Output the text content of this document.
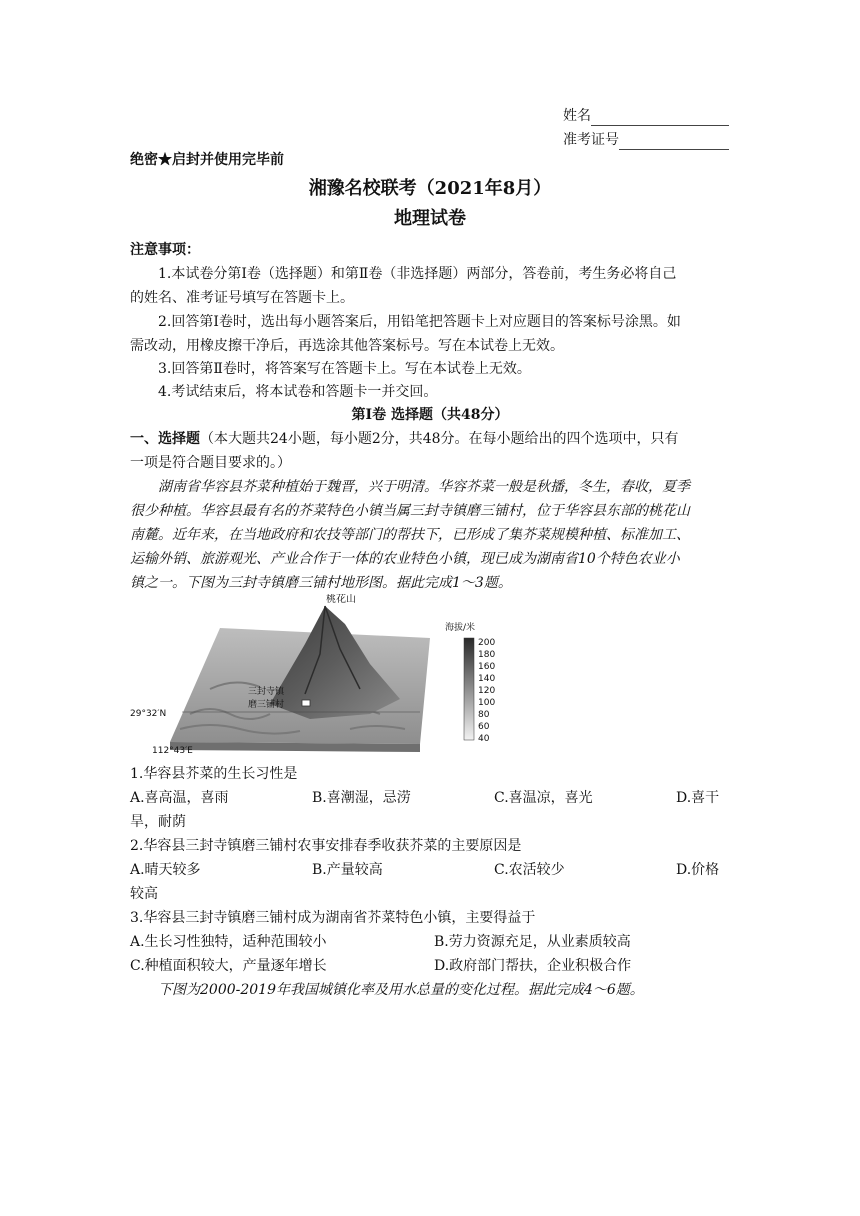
姓名
准考证号
绝密★启封并使用完毕前
湘豫名校联考（2021年8月）
地理试卷
注意事项：
1.本试卷分第Ⅰ卷（选择题）和第Ⅱ卷（非选择题）两部分，答卷前，考生务必将自己
的姓名、准考证号填写在答题卡上。
2.回答第Ⅰ卷时，选出每小题答案后，用铅笔把答题卡上对应题目的答案标号涂黑。如
需改动，用橡皮擦干净后，再选涂其他答案标号。写在本试卷上无效。
3.回答第Ⅱ卷时，将答案写在答题卡上。写在本试卷上无效。
4.考试结束后，将本试卷和答题卡一并交回。
第Ⅰ卷 选择题（共48分）
一、选择题（本大题共24小题，每小题2分，共48分。在每小题给出的四个选项中，只有
一项是符合题目要求的。）
湖南省华容县芥菜种植始于魏晋，兴于明清。华容芥菜一般是秋播，冬生，春收，夏季
很少种植。华容县最有名的芥菜特色小镇当属三封寺镇磨三铺村，位于华容县东部的桃花山
南麓。近年来，在当地政府和农技等部门的帮扶下，已形成了集芥菜规模种植、标准加工、
运输外销、旅游观光、产业合作于一体的农业特色小镇，现已成为湖南省10个特色农业小
镇之一。下图为三封寺镇磨三铺村地形图。据此完成1～3题。
桃花山
三封寺镇
磨三铺村
29°32′N
112°43′E
海拔/米
200
180
160
140
120
100
80
60
40
1.华容县芥菜的生长习性是
A.喜高温，喜雨	B.喜潮湿，忌涝	C.喜温凉，喜光	D.喜干
旱，耐荫
2.华容县三封寺镇磨三铺村农事安排春季收获芥菜的主要原因是
A.晴天较多	B.产量较高	C.农活较少	D.价格
较高
3.华容县三封寺镇磨三铺村成为湖南省芥菜特色小镇，主要得益于
A.生长习性独特，适种范围较小	B.劳力资源充足，从业素质较高
C.种植面积较大，产量逐年增长	D.政府部门帮扶，企业积极合作
下图为2000-2019年我国城镇化率及用水总量的变化过程。据此完成4～6题。
